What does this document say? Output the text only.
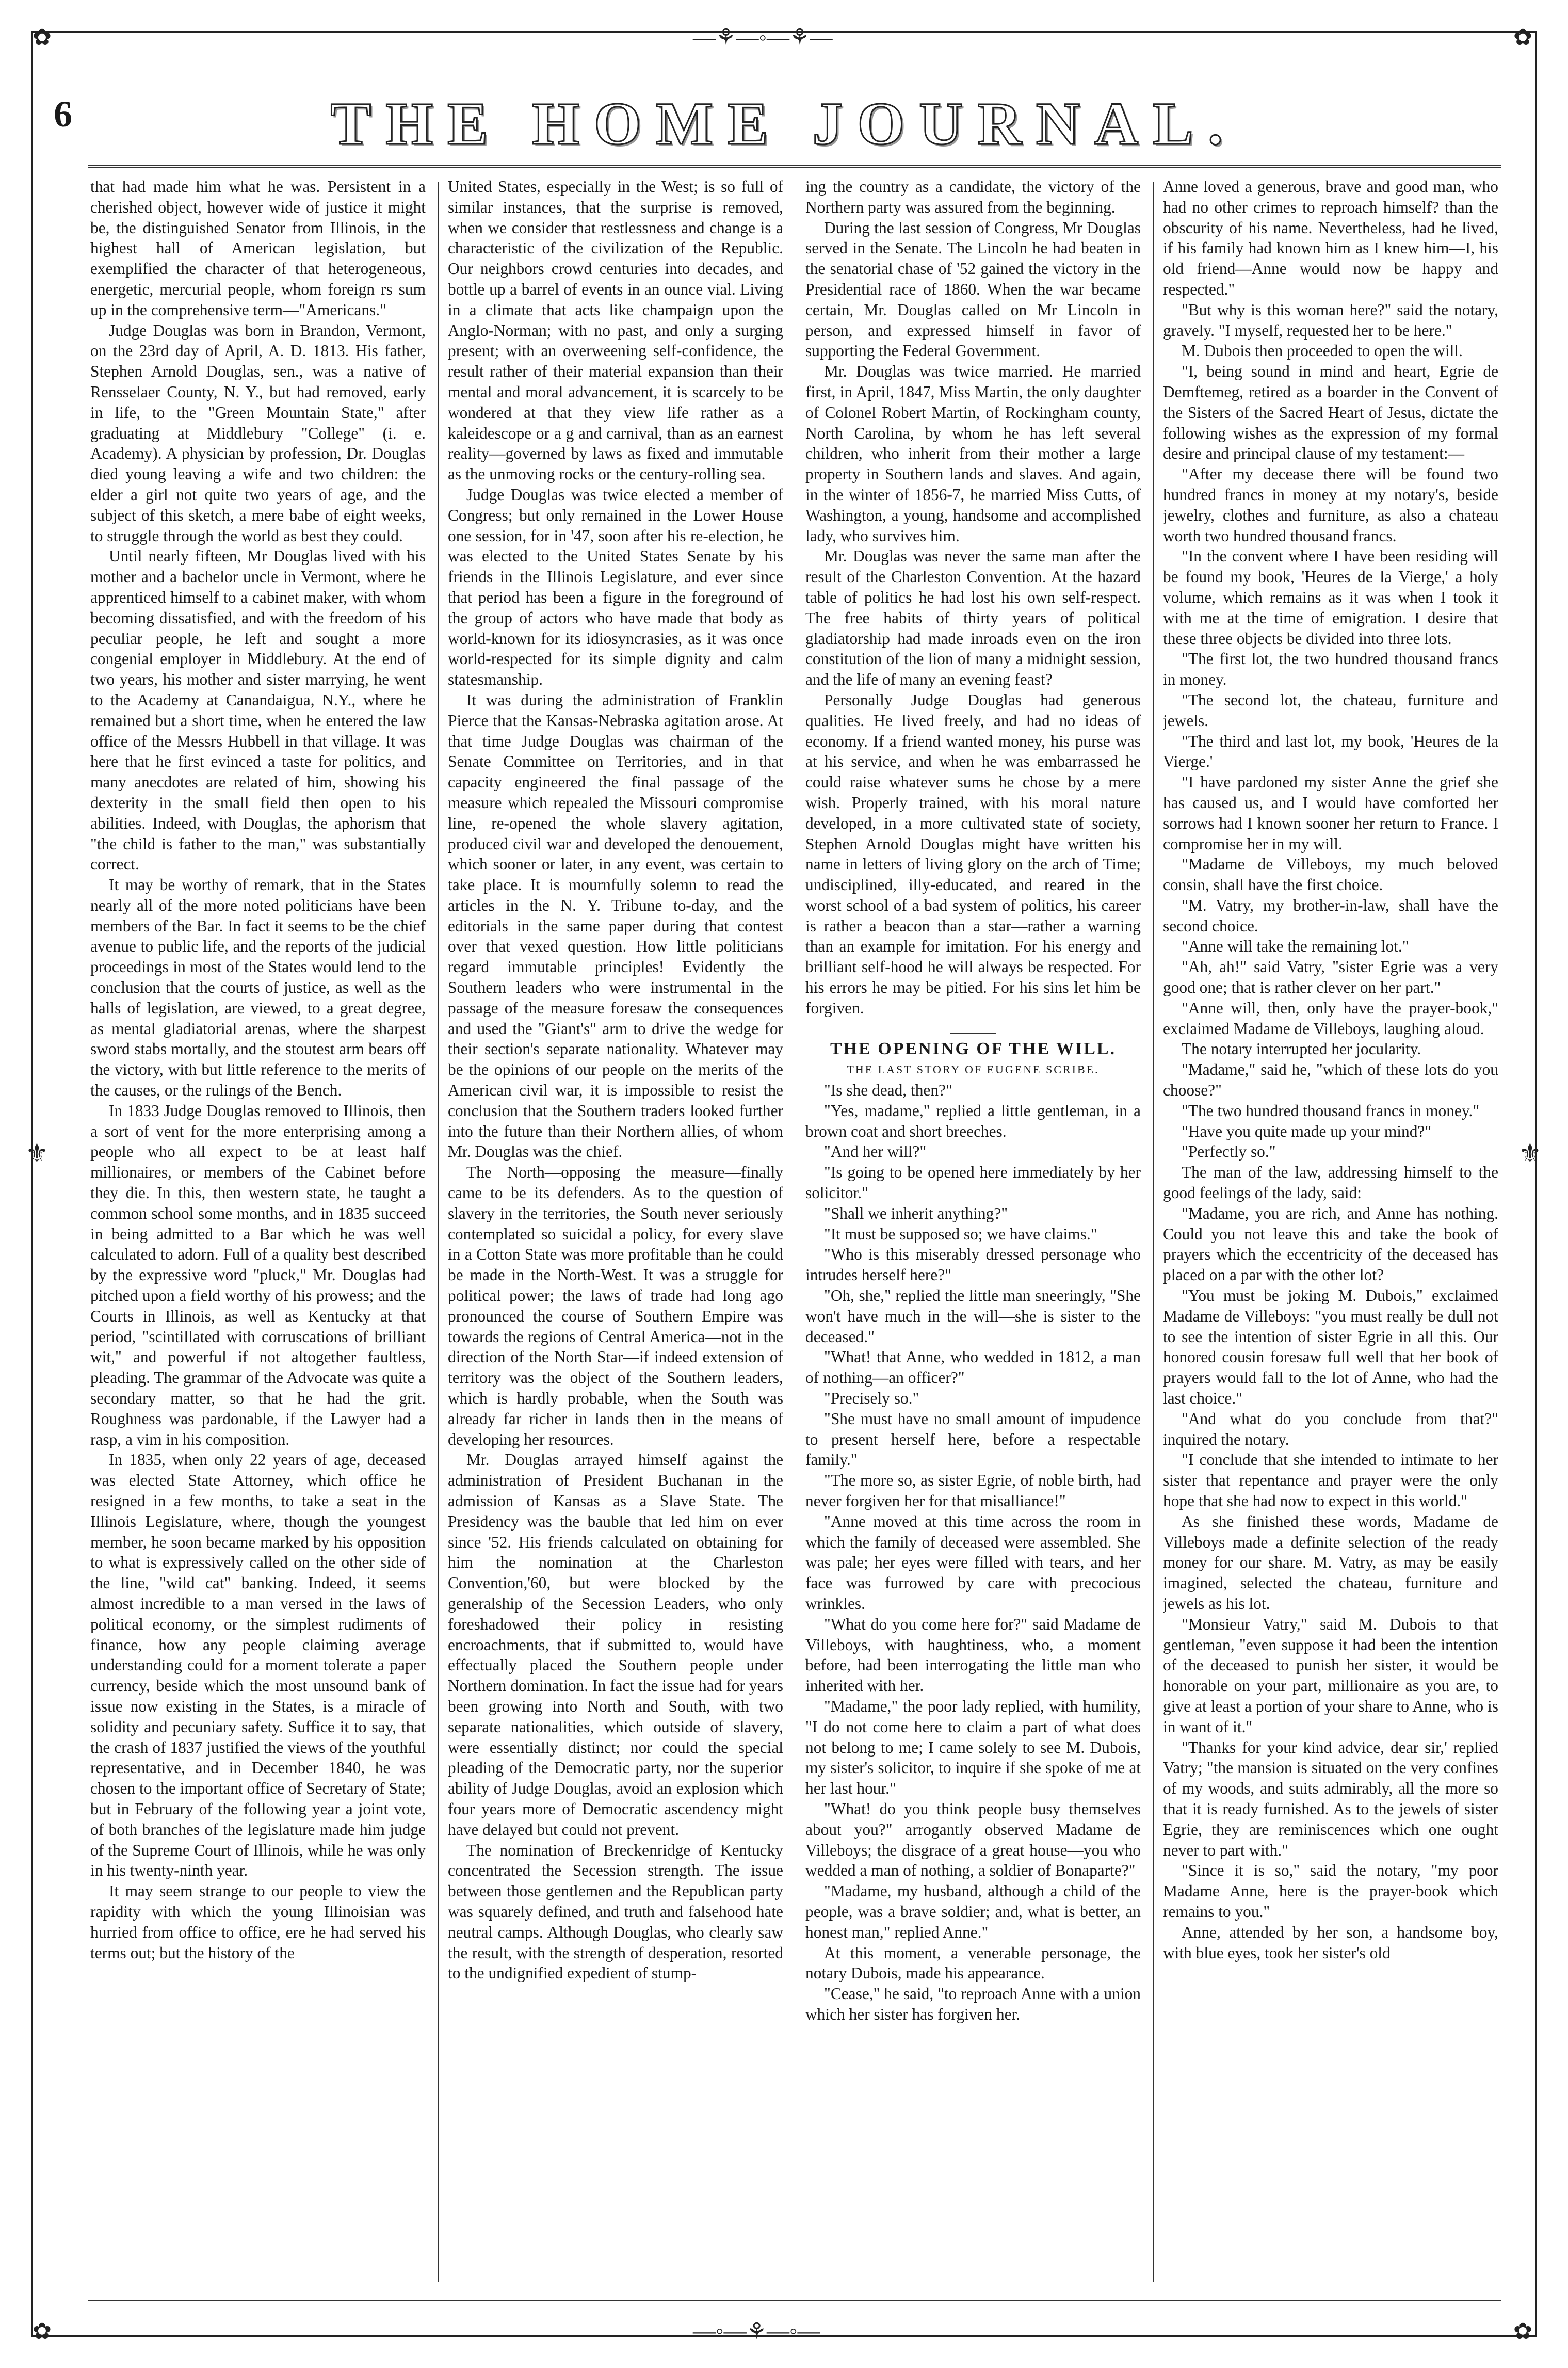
✿	—⚘—◦—⚘—	✿
✿	—◦—⚘—◦—	✿
⚜	⚜
6	THE HOME JOURNAL.

that had made him what he was. Persistent in a cherished object, however wide of justice it might be, the distinguished Senator from Illinois, in the highest hall of American legislation, but exemplified the character of that heterogeneous, energetic, mercurial people, whom foreign rs sum up in the comprehensive term—"Americans."

Judge Douglas was born in Brandon, Vermont, on the 23rd day of April, A. D. 1813. His father, Stephen Arnold Douglas, sen., was a native of Rensselaer County, N. Y., but had removed, early in life, to the "Green Mountain State," after graduating at Middlebury "College" (i. e. Academy). A physician by profession, Dr. Douglas died young leaving a wife and two children: the elder a girl not quite two years of age, and the subject of this sketch, a mere babe of eight weeks, to struggle through the world as best they could.

Until nearly fifteen, Mr Douglas lived with his mother and a bachelor uncle in Vermont, where he apprenticed himself to a cabinet maker, with whom becoming dissatisfied, and with the freedom of his peculiar people, he left and sought a more congenial employer in Middlebury. At the end of two years, his mother and sister marrying, he went to the Academy at Canandaigua, N.Y., where he remained but a short time, when he entered the law office of the Messrs Hubbell in that village. It was here that he first evinced a taste for politics, and many anecdotes are related of him, showing his dexterity in the small field then open to his abilities. Indeed, with Douglas, the aphorism that "the child is father to the man," was substantially correct.

It may be worthy of remark, that in the States nearly all of the more noted politicians have been members of the Bar. In fact it seems to be the chief avenue to public life, and the reports of the judicial proceedings in most of the States would lend to the conclusion that the courts of justice, as well as the halls of legislation, are viewed, to a great degree, as mental gladiatorial arenas, where the sharpest sword stabs mortally, and the stoutest arm bears off the victory, with but little reference to the merits of the causes, or the rulings of the Bench.

In 1833 Judge Douglas removed to Illinois, then a sort of vent for the more enterprising among a people who all expect to be at least half millionaires, or members of the Cabinet before they die. In this, then western state, he taught a common school some months, and in 1835 succeed in being admitted to a Bar which he was well calculated to adorn. Full of a quality best described by the expressive word "pluck," Mr. Douglas had pitched upon a field worthy of his prowess; and the Courts in Illinois, as well as Kentucky at that period, "scintillated with corruscations of brilliant wit," and powerful if not altogether faultless, pleading. The grammar of the Advocate was quite a secondary matter, so that he had the grit. Roughness was pardonable, if the Lawyer had a rasp, a vim in his composition.

In 1835, when only 22 years of age, deceased was elected State Attorney, which office he resigned in a few months, to take a seat in the Illinois Legislature, where, though the youngest member, he soon became marked by his opposition to what is expressively called on the other side of the line, "wild cat" banking. Indeed, it seems almost incredible to a man versed in the laws of political economy, or the simplest rudiments of finance, how any people claiming average understanding could for a moment tolerate a paper currency, beside which the most unsound bank of issue now existing in the States, is a miracle of solidity and pecuniary safety. Suffice it to say, that the crash of 1837 justified the views of the youthful representative, and in December 1840, he was chosen to the important office of Secretary of State; but in February of the following year a joint vote, of both branches of the legislature made him judge of the Supreme Court of Illinois, while he was only in his twenty-ninth year.

It may seem strange to our people to view the rapidity with which the young Illinoisian was hurried from office to office, ere he had served his terms out; but the history of the

United States, especially in the West; is so full of similar instances, that the surprise is removed, when we consider that restlessness and change is a characteristic of the civilization of the Republic. Our neighbors crowd centuries into decades, and bottle up a barrel of events in an ounce vial. Living in a climate that acts like champaign upon the Anglo-Norman; with no past, and only a surging present; with an overweening self-confidence, the result rather of their material expansion than their mental and moral advancement, it is scarcely to be wondered at that they view life rather as a kaleidescope or a g and carnival, than as an earnest reality—governed by laws as fixed and immutable as the unmoving rocks or the century-rolling sea.

Judge Douglas was twice elected a member of Congress; but only remained in the Lower House one session, for in '47, soon after his re-election, he was elected to the United States Senate by his friends in the Illinois Legislature, and ever since that period has been a figure in the foreground of the group of actors who have made that body as world-known for its idiosyncrasies, as it was once world-respected for its simple dignity and calm statesmanship.

It was during the administration of Franklin Pierce that the Kansas-Nebraska agitation arose. At that time Judge Douglas was chairman of the Senate Committee on Territories, and in that capacity engineered the final passage of the measure which repealed the Missouri compromise line, re-opened the whole slavery agitation, produced civil war and developed the denouement, which sooner or later, in any event, was certain to take place. It is mournfully solemn to read the articles in the N. Y. Tribune to-day, and the editorials in the same paper during that contest over that vexed question. How little politicians regard immutable principles! Evidently the Southern leaders who were instrumental in the passage of the measure foresaw the consequences and used the "Giant's" arm to drive the wedge for their section's separate nationality. Whatever may be the opinions of our people on the merits of the American civil war, it is impossible to resist the conclusion that the Southern traders looked further into the future than their Northern allies, of whom Mr. Douglas was the chief.

The North—opposing the measure—finally came to be its defenders. As to the question of slavery in the territories, the South never seriously contemplated so suicidal a policy, for every slave in a Cotton State was more profitable than he could be made in the North-West. It was a struggle for political power; the laws of trade had long ago pronounced the course of Southern Empire was towards the regions of Central America—not in the direction of the North Star—if indeed extension of territory was the object of the Southern leaders, which is hardly probable, when the South was already far richer in lands then in the means of developing her resources.

Mr. Douglas arrayed himself against the administration of President Buchanan in the admission of Kansas as a Slave State. The Presidency was the bauble that led him on ever since '52. His friends calculated on obtaining for him the nomination at the Charleston Convention,'60, but were blocked by the generalship of the Secession Leaders, who only foreshadowed their policy in resisting encroachments, that if submitted to, would have effectually placed the Southern people under Northern domination. In fact the issue had for years been growing into North and South, with two separate nationalities, which outside of slavery, were essentially distinct; nor could the special pleading of the Democratic party, nor the superior ability of Judge Douglas, avoid an explosion which four years more of Democratic ascendency might have delayed but could not prevent.

The nomination of Breckenridge of Kentucky concentrated the Secession strength. The issue between those gentlemen and the Republican party was squarely defined, and truth and falsehood hate neutral camps. Although Douglas, who clearly saw the result, with the strength of desperation, resorted to the undignified expedient of stump-

ing the country as a candidate, the victory of the Northern party was assured from the beginning.

During the last session of Congress, Mr Douglas served in the Senate. The Lincoln he had beaten in the senatorial chase of '52 gained the victory in the Presidential race of 1860. When the war became certain, Mr. Douglas called on Mr Lincoln in person, and expressed himself in favor of supporting the Federal Government.

Mr. Douglas was twice married. He married first, in April, 1847, Miss Martin, the only daughter of Colonel Robert Martin, of Rockingham county, North Carolina, by whom he has left several children, who inherit from their mother a large property in Southern lands and slaves. And again, in the winter of 1856-7, he married Miss Cutts, of Washington, a young, handsome and accomplished lady, who survives him.

Mr. Douglas was never the same man after the result of the Charleston Convention. At the hazard table of politics he had lost his own self-respect. The free habits of thirty years of political gladiatorship had made inroads even on the iron constitution of the lion of many a midnight session, and the life of many an evening feast?

Personally Judge Douglas had generous qualities. He lived freely, and had no ideas of economy. If a friend wanted money, his purse was at his service, and when he was embarrassed he could raise whatever sums he chose by a mere wish. Properly trained, with his moral nature developed, in a more cultivated state of society, Stephen Arnold Douglas might have written his name in letters of living glory on the arch of Time; undisciplined, illy-educated, and reared in the worst school of a bad system of politics, his career is rather a beacon than a star—rather a warning than an example for imitation. For his energy and brilliant self-hood he will always be respected. For his errors he may be pitied. For his sins let him be forgiven.

THE OPENING OF THE WILL.

THE LAST STORY OF EUGENE SCRIBE.

"Is she dead, then?"

"Yes, madame," replied a little gentleman, in a brown coat and short breeches.

"And her will?"

"Is going to be opened here immediately by her solicitor."

"Shall we inherit anything?"

"It must be supposed so; we have claims."

"Who is this miserably dressed personage who intrudes herself here?"

"Oh, she," replied the little man sneeringly, "She won't have much in the will—she is sister to the deceased."

"What! that Anne, who wedded in 1812, a man of nothing—an officer?"

"Precisely so."

"She must have no small amount of impudence to present herself here, before a respectable family."

"The more so, as sister Egrie, of noble birth, had never forgiven her for that misalliance!"

"Anne moved at this time across the room in which the family of deceased were assembled. She was pale; her eyes were filled with tears, and her face was furrowed by care with precocious wrinkles.

"What do you come here for?" said Madame de Villeboys, with haughtiness, who, a moment before, had been interrogating the little man who inherited with her.

"Madame," the poor lady replied, with humility, "I do not come here to claim a part of what does not belong to me; I came solely to see M. Dubois, my sister's solicitor, to inquire if she spoke of me at her last hour."

"What! do you think people busy themselves about you?" arrogantly observed Madame de Villeboys; the disgrace of a great house—you who wedded a man of nothing, a soldier of Bonaparte?"

"Madame, my husband, although a child of the people, was a brave soldier; and, what is better, an honest man," replied Anne."

At this moment, a venerable personage, the notary Dubois, made his appearance.

"Cease," he said, "to reproach Anne with a union which her sister has forgiven her.

Anne loved a generous, brave and good man, who had no other crimes to reproach himself? than the obscurity of his name. Nevertheless, had he lived, if his family had known him as I knew him—I, his old friend—Anne would now be happy and respected."

"But why is this woman here?" said the notary, gravely. "I myself, requested her to be here."

M. Dubois then proceeded to open the will.

"I, being sound in mind and heart, Egrie de Demftemeg, retired as a boarder in the Convent of the Sisters of the Sacred Heart of Jesus, dictate the following wishes as the expression of my formal desire and principal clause of my testament:—

"After my decease there will be found two hundred francs in money at my notary's, beside jewelry, clothes and furniture, as also a chateau worth two hundred thousand francs.

"In the convent where I have been residing will be found my book, 'Heures de la Vierge,' a holy volume, which remains as it was when I took it with me at the time of emigration. I desire that these three objects be divided into three lots.

"The first lot, the two hundred thousand francs in money.

"The second lot, the chateau, furniture and jewels.

"The third and last lot, my book, 'Heures de la Vierge.'

"I have pardoned my sister Anne the grief she has caused us, and I would have comforted her sorrows had I known sooner her return to France. I compromise her in my will.

"Madame de Villeboys, my much beloved consin, shall have the first choice.

"M. Vatry, my brother-in-law, shall have the second choice.

"Anne will take the remaining lot."

"Ah, ah!" said Vatry, "sister Egrie was a very good one; that is rather clever on her part."

"Anne will, then, only have the prayer-book," exclaimed Madame de Villeboys, laughing aloud.

The notary interrupted her jocularity.

"Madame," said he, "which of these lots do you choose?"

"The two hundred thousand francs in money."

"Have you quite made up your mind?"

"Perfectly so."

The man of the law, addressing himself to the good feelings of the lady, said:

"Madame, you are rich, and Anne has nothing. Could you not leave this and take the book of prayers which the eccentricity of the deceased has placed on a par with the other lot?

"You must be joking M. Dubois," exclaimed Madame de Villeboys: "you must really be dull not to see the intention of sister Egrie in all this. Our honored cousin foresaw full well that her book of prayers would fall to the lot of Anne, who had the last choice."

"And what do you conclude from that?" inquired the notary.

"I conclude that she intended to intimate to her sister that repentance and prayer were the only hope that she had now to expect in this world."

As she finished these words, Madame de Villeboys made a definite selection of the ready money for our share. M. Vatry, as may be easily imagined, selected the chateau, furniture and jewels as his lot.

"Monsieur Vatry," said M. Dubois to that gentleman, "even suppose it had been the intention of the deceased to punish her sister, it would be honorable on your part, millionaire as you are, to give at least a portion of your share to Anne, who is in want of it."

"Thanks for your kind advice, dear sir,' replied Vatry; "the mansion is situated on the very confines of my woods, and suits admirably, all the more so that it is ready furnished. As to the jewels of sister Egrie, they are reminiscences which one ought never to part with."

"Since it is so," said the notary, "my poor Madame Anne, here is the prayer-book which remains to you."

Anne, attended by her son, a handsome boy, with blue eyes, took her sister's old
